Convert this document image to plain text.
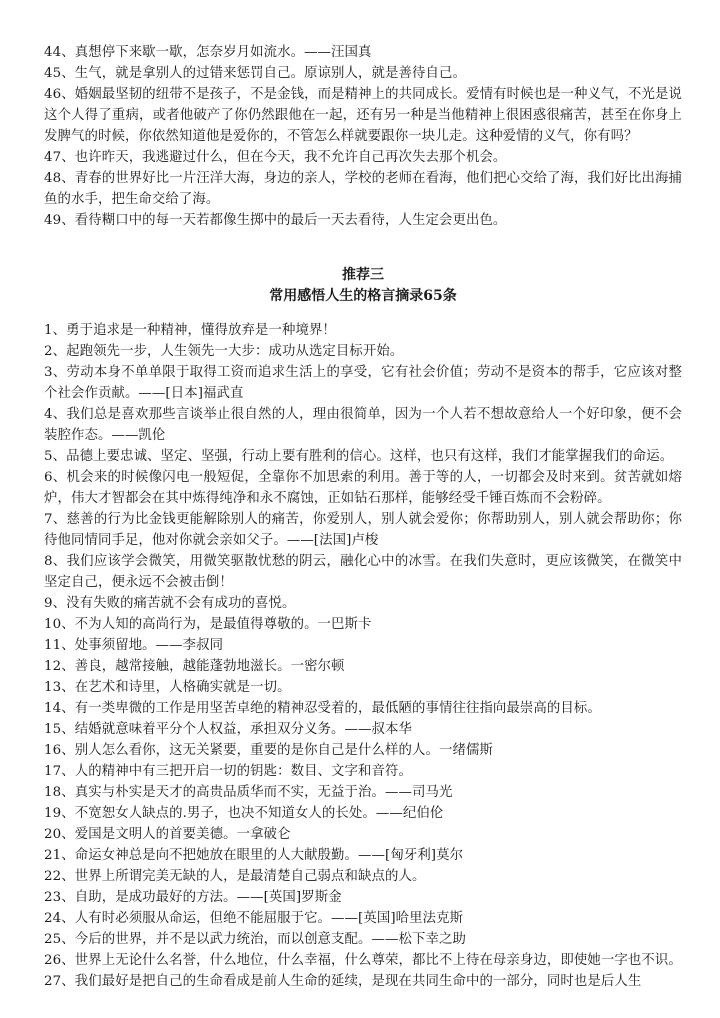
44、真想停下来歇一歇，怎奈岁月如流水。——汪国真

45、生气，就是拿别人的过错来惩罚自己。原谅别人，就是善待自己。

46、婚姻最坚韧的纽带不是孩子，不是金钱，而是精神上的共同成长。爱情有时候也是一种义气，不光是说这个人得了重病，或者他破产了你仍然跟他在一起，还有另一种是当他精神上很困惑很痛苦，甚至在你身上发脾气的时候，你依然知道他是爱你的，不管怎么样就要跟你一块儿走。这种爱情的义气，你有吗？

47、也许昨天，我逃避过什么，但在今天，我不允许自己再次失去那个机会。

48、青春的世界好比一片汪洋大海，身边的亲人，学校的老师在看海，他们把心交给了海，我们好比出海捕鱼的水手，把生命交给了海。

49、看待糊口中的每一天若都像生掷中的最后一天去看待，人生定会更出色。

推荐三
常用感悟人生的格言摘录65条

1、勇于追求是一种精神，懂得放弃是一种境界！

2、起跑领先一步，人生领先一大步：成功从选定目标开始。

3、劳动本身不单单限于取得工资而追求生活上的享受，它有社会价值；劳动不是资本的帮手，它应该对整个社会作贡献。——[日本]福武直

4、我们总是喜欢那些言谈举止很自然的人，理由很简单，因为一个人若不想故意给人一个好印象，便不会装腔作态。——凯伦

5、品德上要忠诚、坚定、坚强，行动上要有胜利的信心。这样，也只有这样，我们才能掌握我们的命运。

6、机会来的时候像闪电一般短促，全靠你不加思索的利用。善于等的人，一切都会及时来到。贫苦就如熔炉，伟大才智都会在其中炼得纯净和永不腐蚀，正如钻石那样，能够经受千锤百炼而不会粉碎。

7、慈善的行为比金钱更能解除别人的痛苦，你爱别人，别人就会爱你；你帮助别人，别人就会帮助你；你待他同情同手足，他对你就会亲如父子。——[法国]卢梭

8、我们应该学会微笑，用微笑驱散忧愁的阴云，融化心中的冰雪。在我们失意时，更应该微笑，在微笑中坚定自己，便永远不会被击倒！

9、没有失败的痛苦就不会有成功的喜悦。

10、不为人知的高尚行为，是最值得尊敬的。一巴斯卡

11、处事须留地。——李叔同

12、善良，越常接触，越能蓬勃地滋长。一密尔顿

13、在艺术和诗里，人格确实就是一切。

14、有一类卑微的工作是用坚苦卓绝的精神忍受着的，最低陋的事情往往指向最崇高的目标。

15、结婚就意味着平分个人权益，承担双分义务。——叔本华

16、别人怎么看你，这无关紧要，重要的是你自己是什么样的人。一绪儒斯

17、人的精神中有三把开启一切的钥匙：数目、文字和音符。

18、真实与朴实是天才的高贵品质华而不实，无益于治。——司马光

19、不宽恕女人缺点的.男子，也决不知道女人的长处。——纪伯伦

20、爱国是文明人的首要美德。一拿破仑

21、命运女神总是向不把她放在眼里的人大献殷勤。——[匈牙利]莫尔

22、世界上所谓完美无缺的人，是最清楚自己弱点和缺点的人。

23、自助，是成功最好的方法。——[英国]罗斯金

24、人有时必须服从命运，但绝不能屈服于它。——[英国]哈里法克斯

25、今后的世界，并不是以武力统治，而以创意支配。——松下幸之助

26、世界上无论什么名誉，什么地位，什么幸福，什么尊荣，都比不上待在母亲身边，即使她一字也不识。

27、我们最好是把自己的生命看成是前人生命的延续，是现在共同生命中的一部分，同时也是后人生
